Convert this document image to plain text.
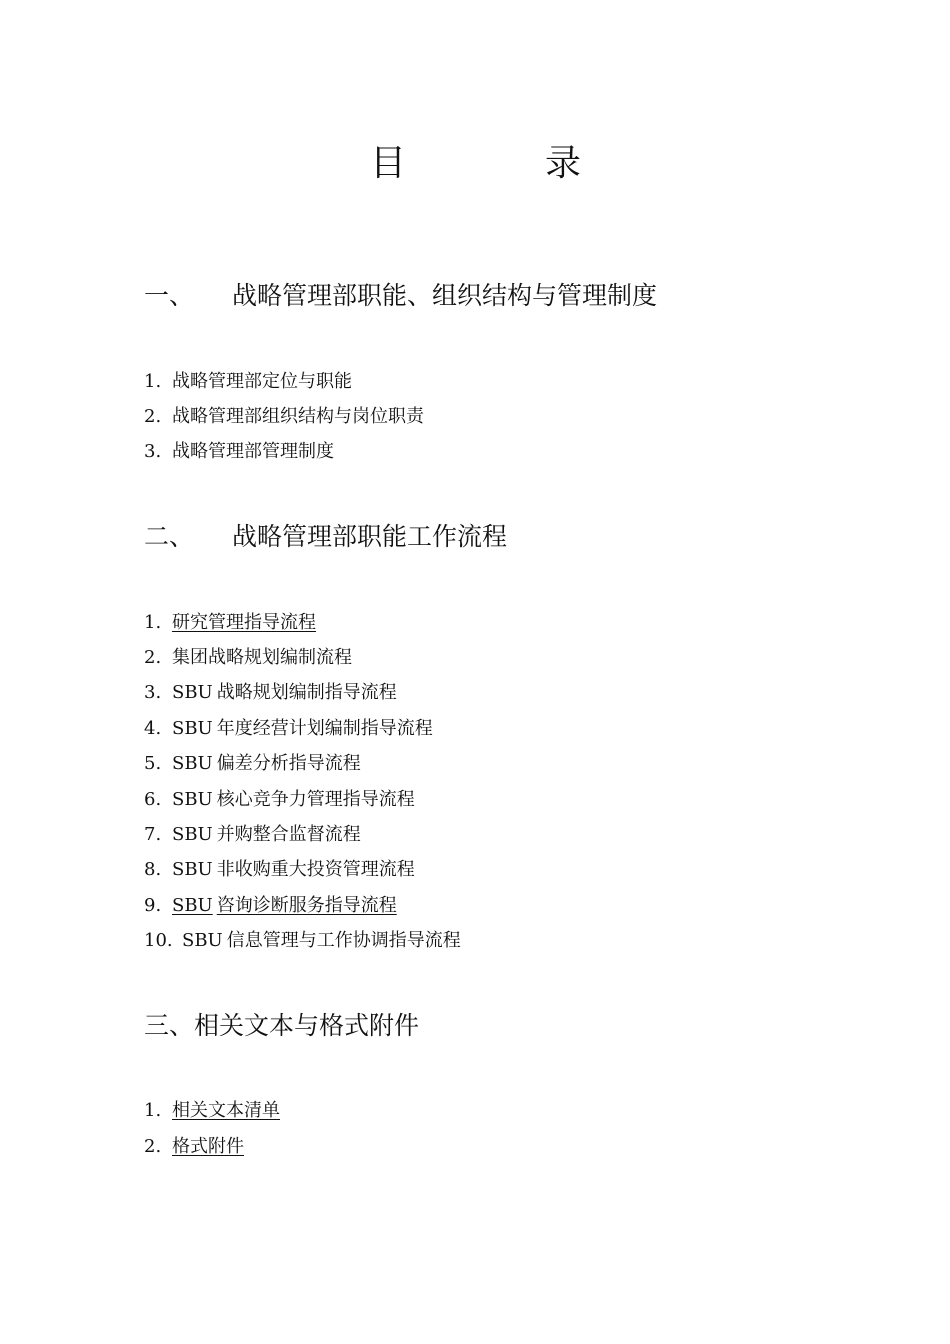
目	录
一、 战略管理部职能、组织结构与管理制度
1. 战略管理部定位与职能
2. 战略管理部组织结构与岗位职责
3. 战略管理部管理制度
二、 战略管理部职能工作流程
1. 研究管理指导流程
2. 集团战略规划编制流程
3. SBU 战略规划编制指导流程
4. SBU 年度经营计划编制指导流程
5. SBU 偏差分析指导流程
6. SBU 核心竞争力管理指导流程
7. SBU 并购整合监督流程
8. SBU 非收购重大投资管理流程
9. SBU 咨询诊断服务指导流程
10. SBU 信息管理与工作协调指导流程
三、相关文本与格式附件
1. 相关文本清单
2. 格式附件
